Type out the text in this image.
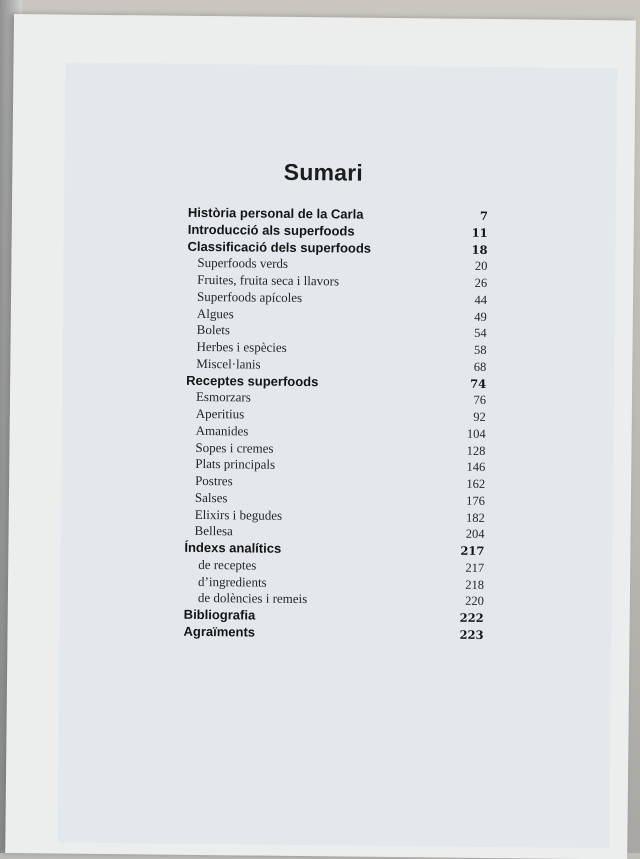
Sumari
Història personal de la Carla	7
Introducció als superfoods	11
Classificació dels superfoods	18
Superfoods verds	20
Fruites, fruita seca i llavors	26
Superfoods apícoles	44
Algues	49
Bolets	54
Herbes i espècies	58
Miscel·lanis	68
Receptes superfoods	74
Esmorzars	76
Aperitius	92
Amanides	104
Sopes i cremes	128
Plats principals	146
Postres	162
Salses	176
Elixirs i begudes	182
Bellesa	204
Índexs analítics	217
de receptes	217
d’ingredients	218
de dolències i remeis	220
Bibliografia	222
Agraïments	223
